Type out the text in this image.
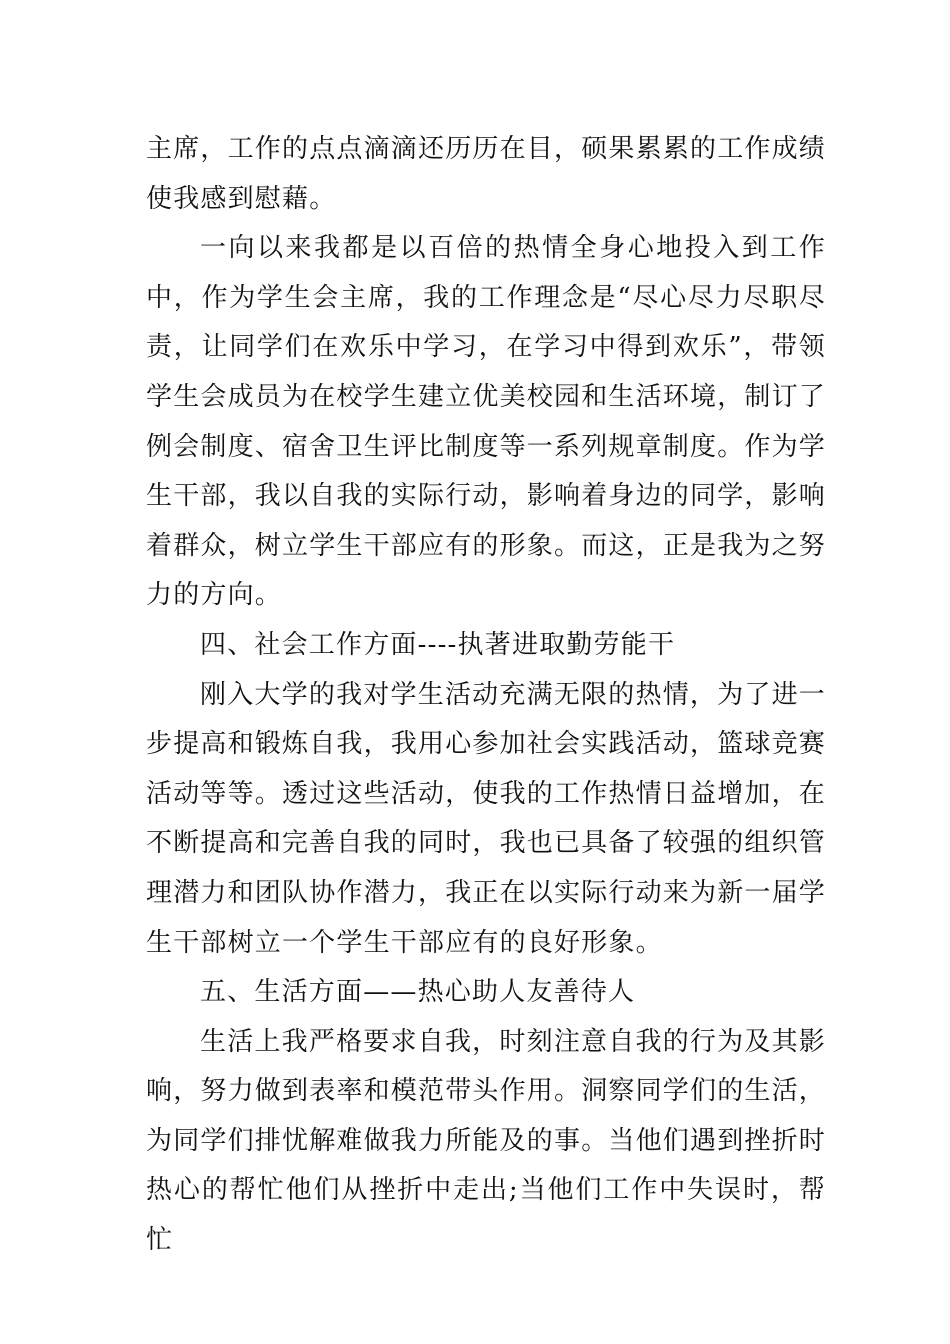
主席，工作的点点滴滴还历历在目，硕果累累的工作成绩使我感到慰藉。

一向以来我都是以百倍的热情全身心地投入到工作中，作为学生会主席，我的工作理念是“尽心尽力尽职尽责，让同学们在欢乐中学习，在学习中得到欢乐”，带领学生会成员为在校学生建立优美校园和生活环境，制订了例会制度、宿舍卫生评比制度等一系列规章制度。作为学生干部，我以自我的实际行动，影响着身边的同学，影响着群众，树立学生干部应有的形象。而这，正是我为之努力的方向。

四、社会工作方面----执著进取勤劳能干

刚入大学的我对学生活动充满无限的热情，为了进一步提高和锻炼自我，我用心参加社会实践活动，篮球竞赛活动等等。透过这些活动，使我的工作热情日益增加，在不断提高和完善自我的同时，我也已具备了较强的组织管理潜力和团队协作潜力，我正在以实际行动来为新一届学生干部树立一个学生干部应有的良好形象。

五、生活方面——热心助人友善待人

生活上我严格要求自我，时刻注意自我的行为及其影响，努力做到表率和模范带头作用。洞察同学们的生活，为同学们排忧解难做我力所能及的事。当他们遇到挫折时热心的帮忙他们从挫折中走出;当他们工作中失误时，帮忙
